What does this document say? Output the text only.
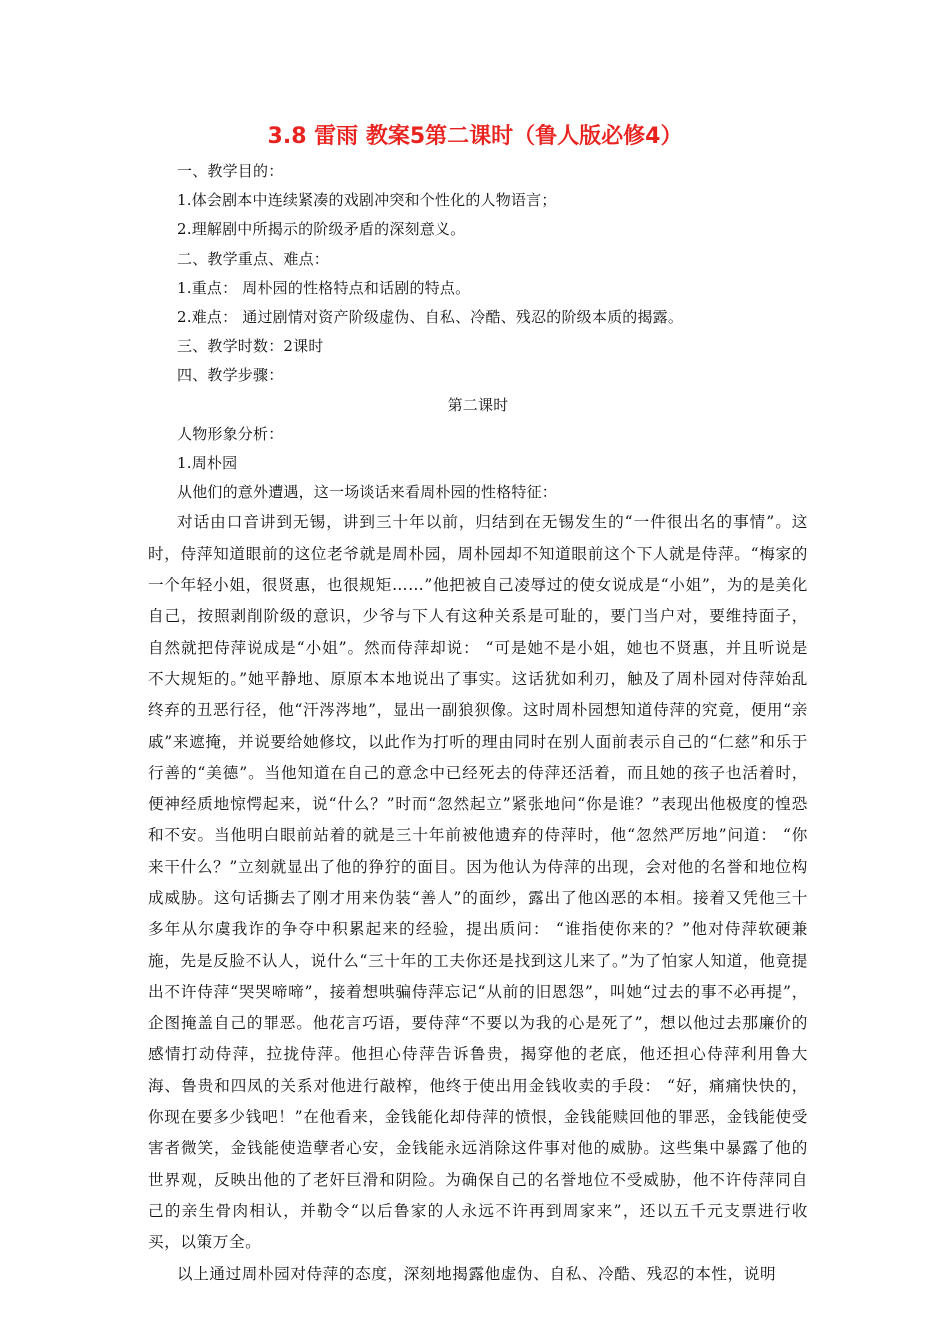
3.8 雷雨 教案5第二课时（鲁人版必修4）

一、教学目的：

1.体会剧本中连续紧凑的戏剧冲突和个性化的人物语言；

2.理解剧中所揭示的阶级矛盾的深刻意义。

二、教学重点、难点：

1.重点： 周朴园的性格特点和话剧的特点。

2.难点： 通过剧情对资产阶级虚伪、自私、冷酷、残忍的阶级本质的揭露。

三、教学时数：2课时

四、教学步骤：

第二课时

人物形象分析：

1.周朴园

从他们的意外遭遇，这一场谈话来看周朴园的性格特征：

对话由口音讲到无锡，讲到三十年以前，归结到在无锡发生的“一件很出名的事情”。这时，侍萍知道眼前的这位老爷就是周朴园，周朴园却不知道眼前这个下人就是侍萍。“梅家的一个年轻小姐，很贤惠，也很规矩……”他把被自己凌辱过的使女说成是“小姐”，为的是美化自己，按照剥削阶级的意识，少爷与下人有这种关系是可耻的，要门当户对，要维持面子，自然就把侍萍说成是“小姐”。然而侍萍却说： “可是她不是小姐，她也不贤惠，并且听说是不大规矩的。”她平静地、原原本本地说出了事实。这话犹如利刃，触及了周朴园对侍萍始乱终弃的丑恶行径，他“汗涔涔地”，显出一副狼狈像。这时周朴园想知道侍萍的究竟，便用“亲戚”来遮掩，并说要给她修坟，以此作为打听的理由同时在别人面前表示自己的“仁慈”和乐于行善的“美德”。当他知道在自己的意念中已经死去的侍萍还活着，而且她的孩子也活着时，便神经质地惊愕起来，说“什么？”时而“忽然起立”紧张地问“你是谁？”表现出他极度的惶恐和不安。当他明白眼前站着的就是三十年前被他遗弃的侍萍时，他“忽然严厉地”问道： “你来干什么？”立刻就显出了他的狰狞的面目。因为他认为侍萍的出现，会对他的名誉和地位构成威胁。这句话撕去了刚才用来伪装“善人”的面纱，露出了他凶恶的本相。接着又凭他三十多年从尔虞我诈的争夺中积累起来的经验，提出质问： “谁指使你来的？”他对侍萍软硬兼施，先是反脸不认人，说什么“三十年的工夫你还是找到这儿来了。”为了怕家人知道，他竟提出不许侍萍“哭哭啼啼”，接着想哄骗侍萍忘记“从前的旧恩怨”，叫她“过去的事不必再提”，企图掩盖自己的罪恶。他花言巧语，要侍萍“不要以为我的心是死了”，想以他过去那廉价的感情打动侍萍，拉拢侍萍。他担心侍萍告诉鲁贵，揭穿他的老底，他还担心侍萍利用鲁大海、鲁贵和四凤的关系对他进行敲榨，他终于使出用金钱收卖的手段： “好，痛痛快快的，你现在要多少钱吧！”在他看来，金钱能化却侍萍的愤恨，金钱能赎回他的罪恶，金钱能使受害者微笑，金钱能使造孽者心安，金钱能永远消除这件事对他的威胁。这些集中暴露了他的世界观，反映出他的了老奸巨滑和阴险。为确保自己的名誉地位不受威胁，他不许侍萍同自己的亲生骨肉相认，并勒令“以后鲁家的人永远不许再到周家来”，还以五千元支票进行收买，以策万全。

以上通过周朴园对侍萍的态度，深刻地揭露他虚伪、自私、冷酷、残忍的本性，说明
